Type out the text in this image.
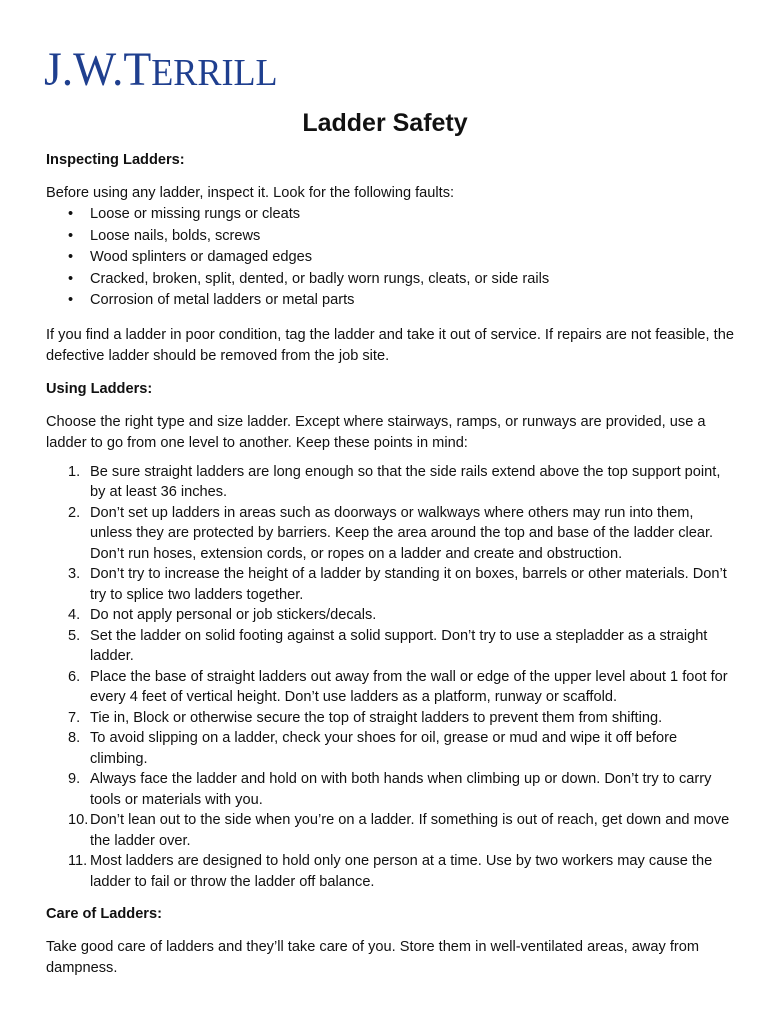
J.W.TERRILL
Ladder Safety
Inspecting Ladders:

Before using any ladder, inspect it. Look for the following faults:

• Loose or missing rungs or cleats
• Loose nails, bolds, screws
• Wood splinters or damaged edges
• Cracked, broken, split, dented, or badly worn rungs, cleats, or side rails
• Corrosion of metal ladders or metal parts

If you find a ladder in poor condition, tag the ladder and take it out of service. If repairs are not feasible, the defective ladder should be removed from the job site.

Using Ladders:

Choose the right type and size ladder. Except where stairways, ramps, or runways are provided, use a ladder to go from one level to another. Keep these points in mind:

1. Be sure straight ladders are long enough so that the side rails extend above the top support point, by at least 36 inches.
2. Don’t set up ladders in areas such as doorways or walkways where others may run into them, unless they are protected by barriers. Keep the area around the top and base of the ladder clear. Don’t run hoses, extension cords, or ropes on a ladder and create and obstruction.
3. Don’t try to increase the height of a ladder by standing it on boxes, barrels or other materials. Don’t try to splice two ladders together.
4. Do not apply personal or job stickers/decals.
5. Set the ladder on solid footing against a solid support. Don’t try to use a stepladder as a straight ladder.
6. Place the base of straight ladders out away from the wall or edge of the upper level about 1 foot for every 4 feet of vertical height. Don’t use ladders as a platform, runway or scaffold.
7. Tie in, Block or otherwise secure the top of straight ladders to prevent them from shifting.
8. To avoid slipping on a ladder, check your shoes for oil, grease or mud and wipe it off before climbing.
9. Always face the ladder and hold on with both hands when climbing up or down. Don’t try to carry tools or materials with you.
10. Don’t lean out to the side when you’re on a ladder. If something is out of reach, get down and move the ladder over.
11. Most ladders are designed to hold only one person at a time. Use by two workers may cause the ladder to fail or throw the ladder off balance.
Care of Ladders:

Take good care of ladders and they’ll take care of you. Store them in well-ventilated areas, away from dampness.
